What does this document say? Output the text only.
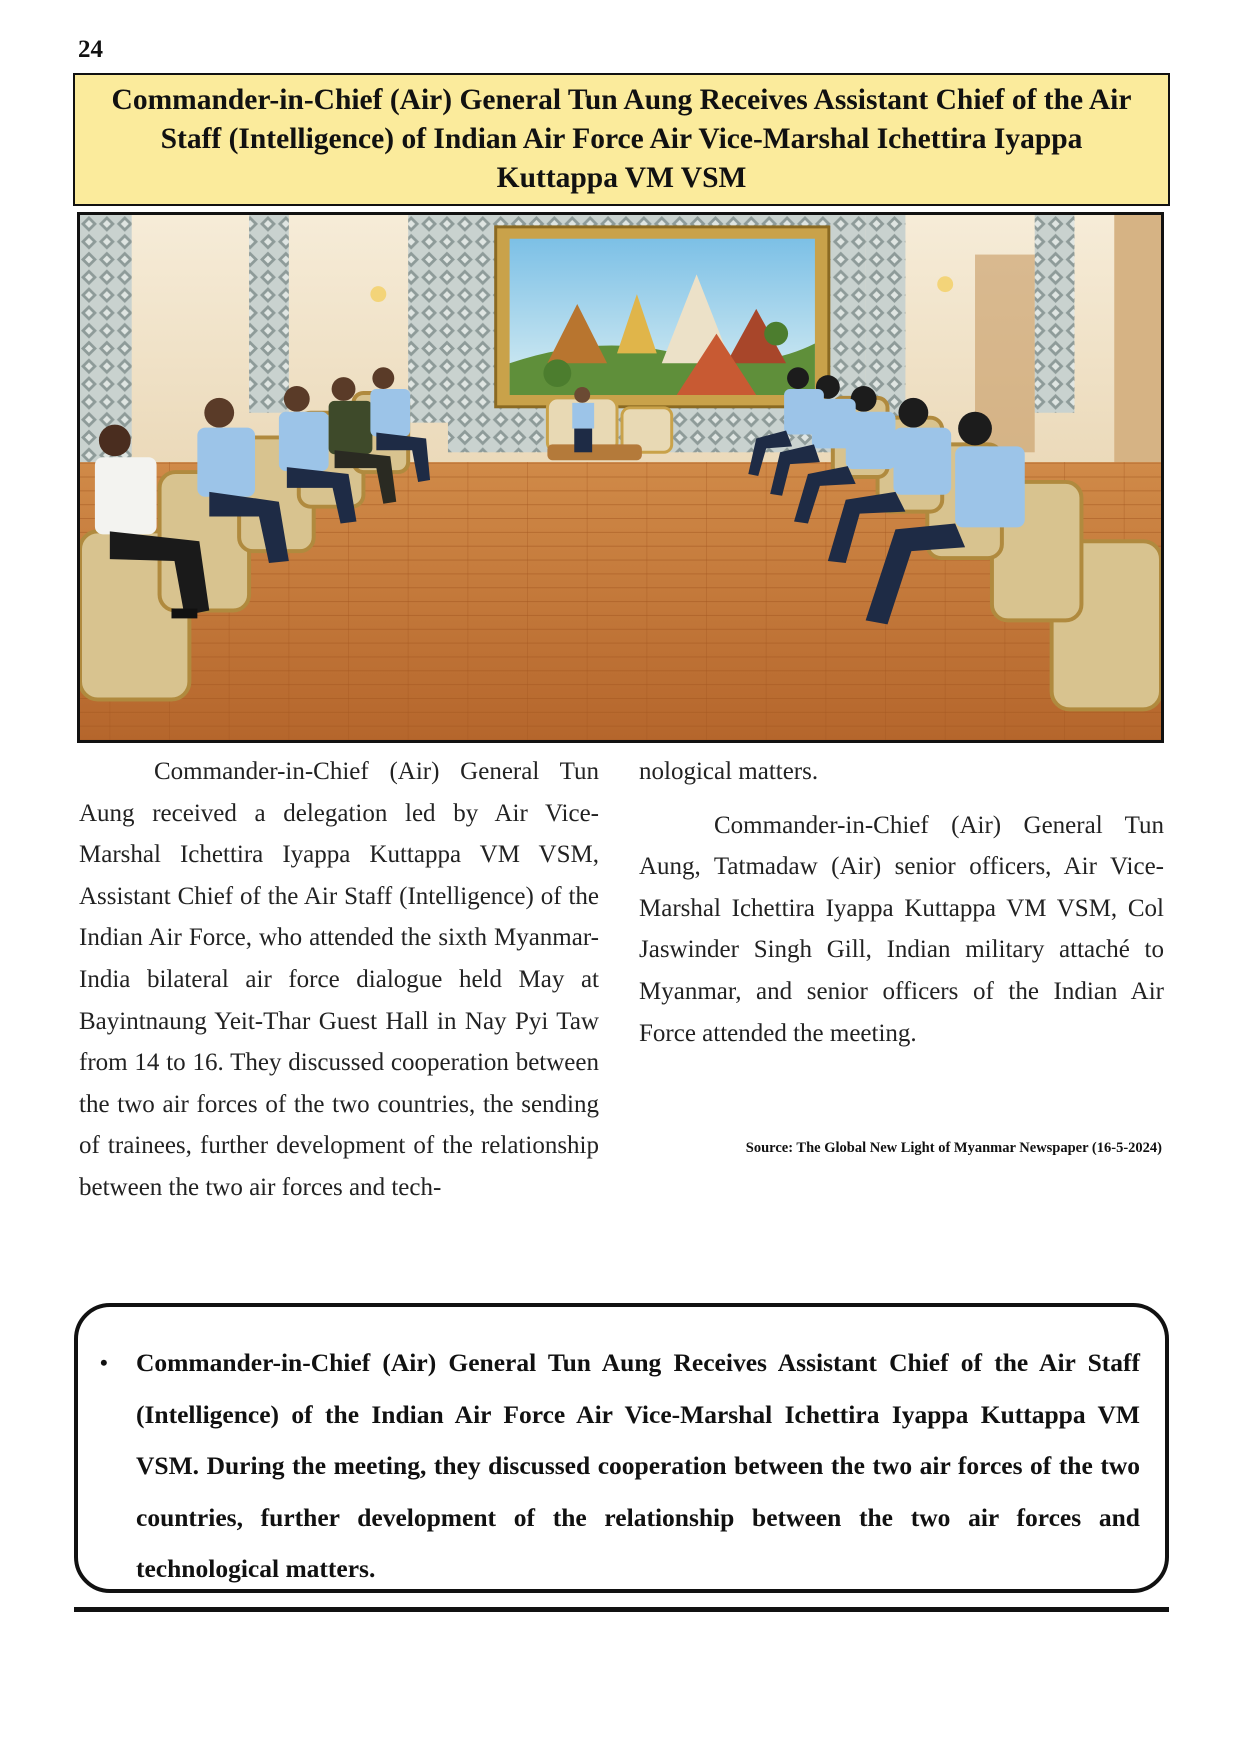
24
Commander-in-Chief (Air) General Tun Aung Receives Assistant Chief of the Air Staff (Intelligence) of Indian Air Force Air Vice-Marshal Ichettira Iyappa Kuttappa VM VSM

Commander-in-Chief (Air) General Tun Aung received a delegation led by Air Vice-Marshal Ichettira Iyappa Kuttappa VM VSM, Assistant Chief of the Air Staff (Intelligence) of the Indian Air Force, who attended the sixth Myanmar-India bilateral air force dialogue held May at Bayintnaung Yeit-Thar Guest Hall in Nay Pyi Taw from 14 to 16. They discussed cooperation between the two air forces of the two countries, the sending of trainees, further development of the relationship between the two air forces and tech-

nological matters.

Commander-in-Chief (Air) General Tun Aung, Tatmadaw (Air) senior officers, Air Vice-Marshal Ichettira Iyappa Kuttappa VM VSM, Col Jaswinder Singh Gill, Indian military attaché to Myanmar, and senior officers of the Indian Air Force attended the meeting.

Source: The Global New Light of Myanmar Newspaper (16-5-2024)
• Commander-in-Chief (Air) General Tun Aung Receives Assistant Chief of the Air Staff (Intelligence) of the Indian Air Force Air Vice-Marshal Ichettira Iyappa Kuttappa VM VSM. During the meeting, they discussed cooperation between the two air forces of the two countries, further development of the relationship between the two air forces and technological matters.
